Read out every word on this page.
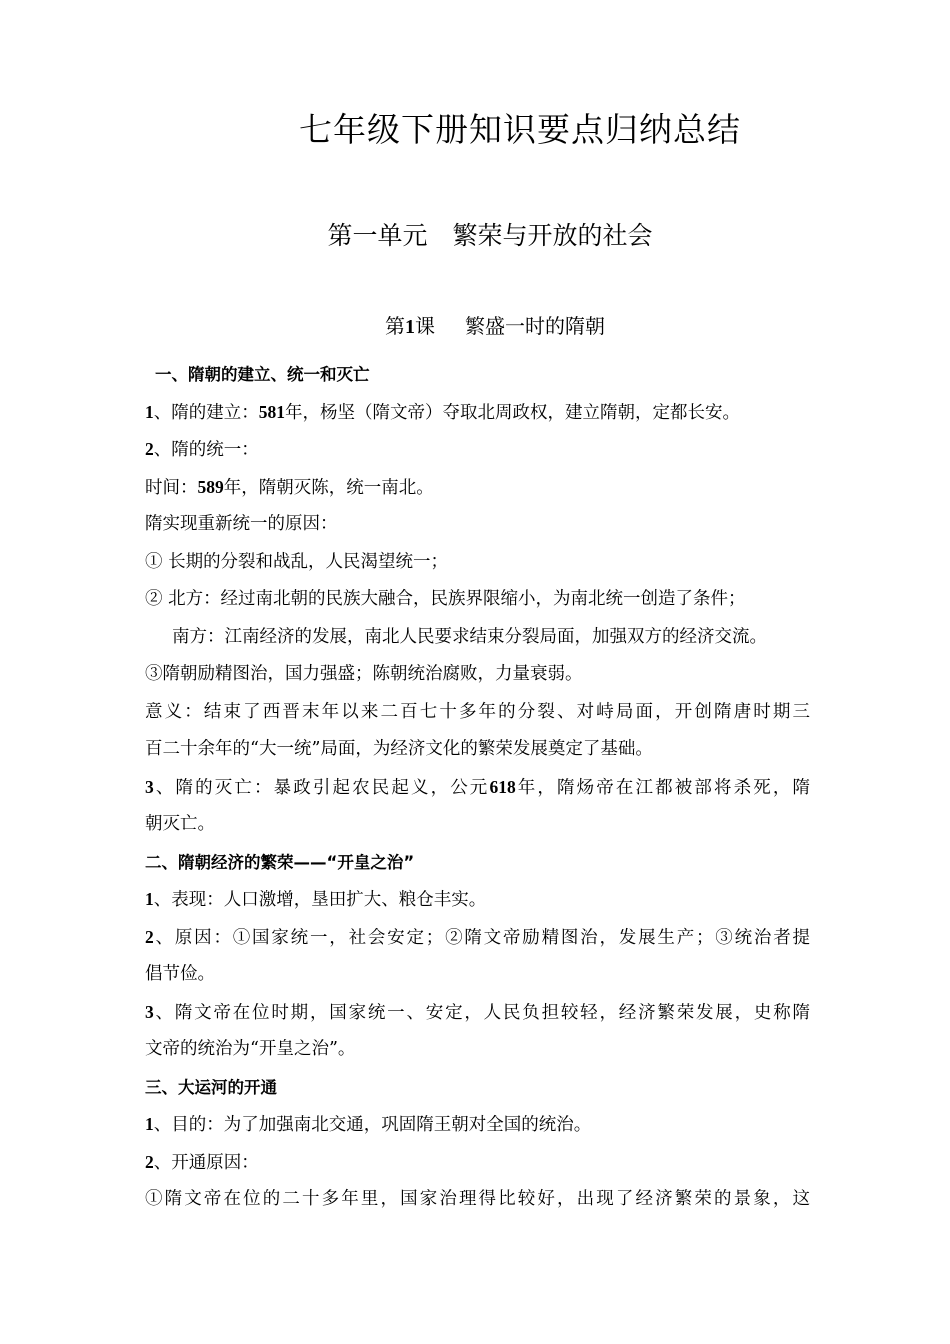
七年级下册知识要点归纳总结
第一单元　繁荣与开放的社会
第1课　  繁盛一时的隋朝
一、隋朝的建立、统一和灭亡
1、隋的建立：581年，杨坚（隋文帝）夺取北周政权，建立隋朝，定都长安。
2、隋的统一：
时间：589年，隋朝灭陈，统一南北。
隋实现重新统一的原因：
① 长期的分裂和战乱，人民渴望统一；
② 北方：经过南北朝的民族大融合，民族界限缩小，为南北统一创造了条件；
南方：江南经济的发展，南北人民要求结束分裂局面，加强双方的经济交流。
③隋朝励精图治，国力强盛；陈朝统治腐败，力量衰弱。
意义：结束了西晋末年以来二百七十多年的分裂、对峙局面，开创隋唐时期三
百二十余年的“大一统”局面，为经济文化的繁荣发展奠定了基础。
3、隋的灭亡：暴政引起农民起义，公元618年，隋炀帝在江都被部将杀死，隋
朝灭亡。
二、隋朝经济的繁荣——“开皇之治”
1、表现：人口激增，垦田扩大、粮仓丰实。
2、原因：①国家统一，社会安定；②隋文帝励精图治，发展生产；③统治者提
倡节俭。
3、隋文帝在位时期，国家统一、安定，人民负担较轻，经济繁荣发展，史称隋
文帝的统治为“开皇之治”。
三、大运河的开通
1、目的：为了加强南北交通，巩固隋王朝对全国的统治。
2、开通原因：
①隋文帝在位的二十多年里，国家治理得比较好，出现了经济繁荣的景象，这
